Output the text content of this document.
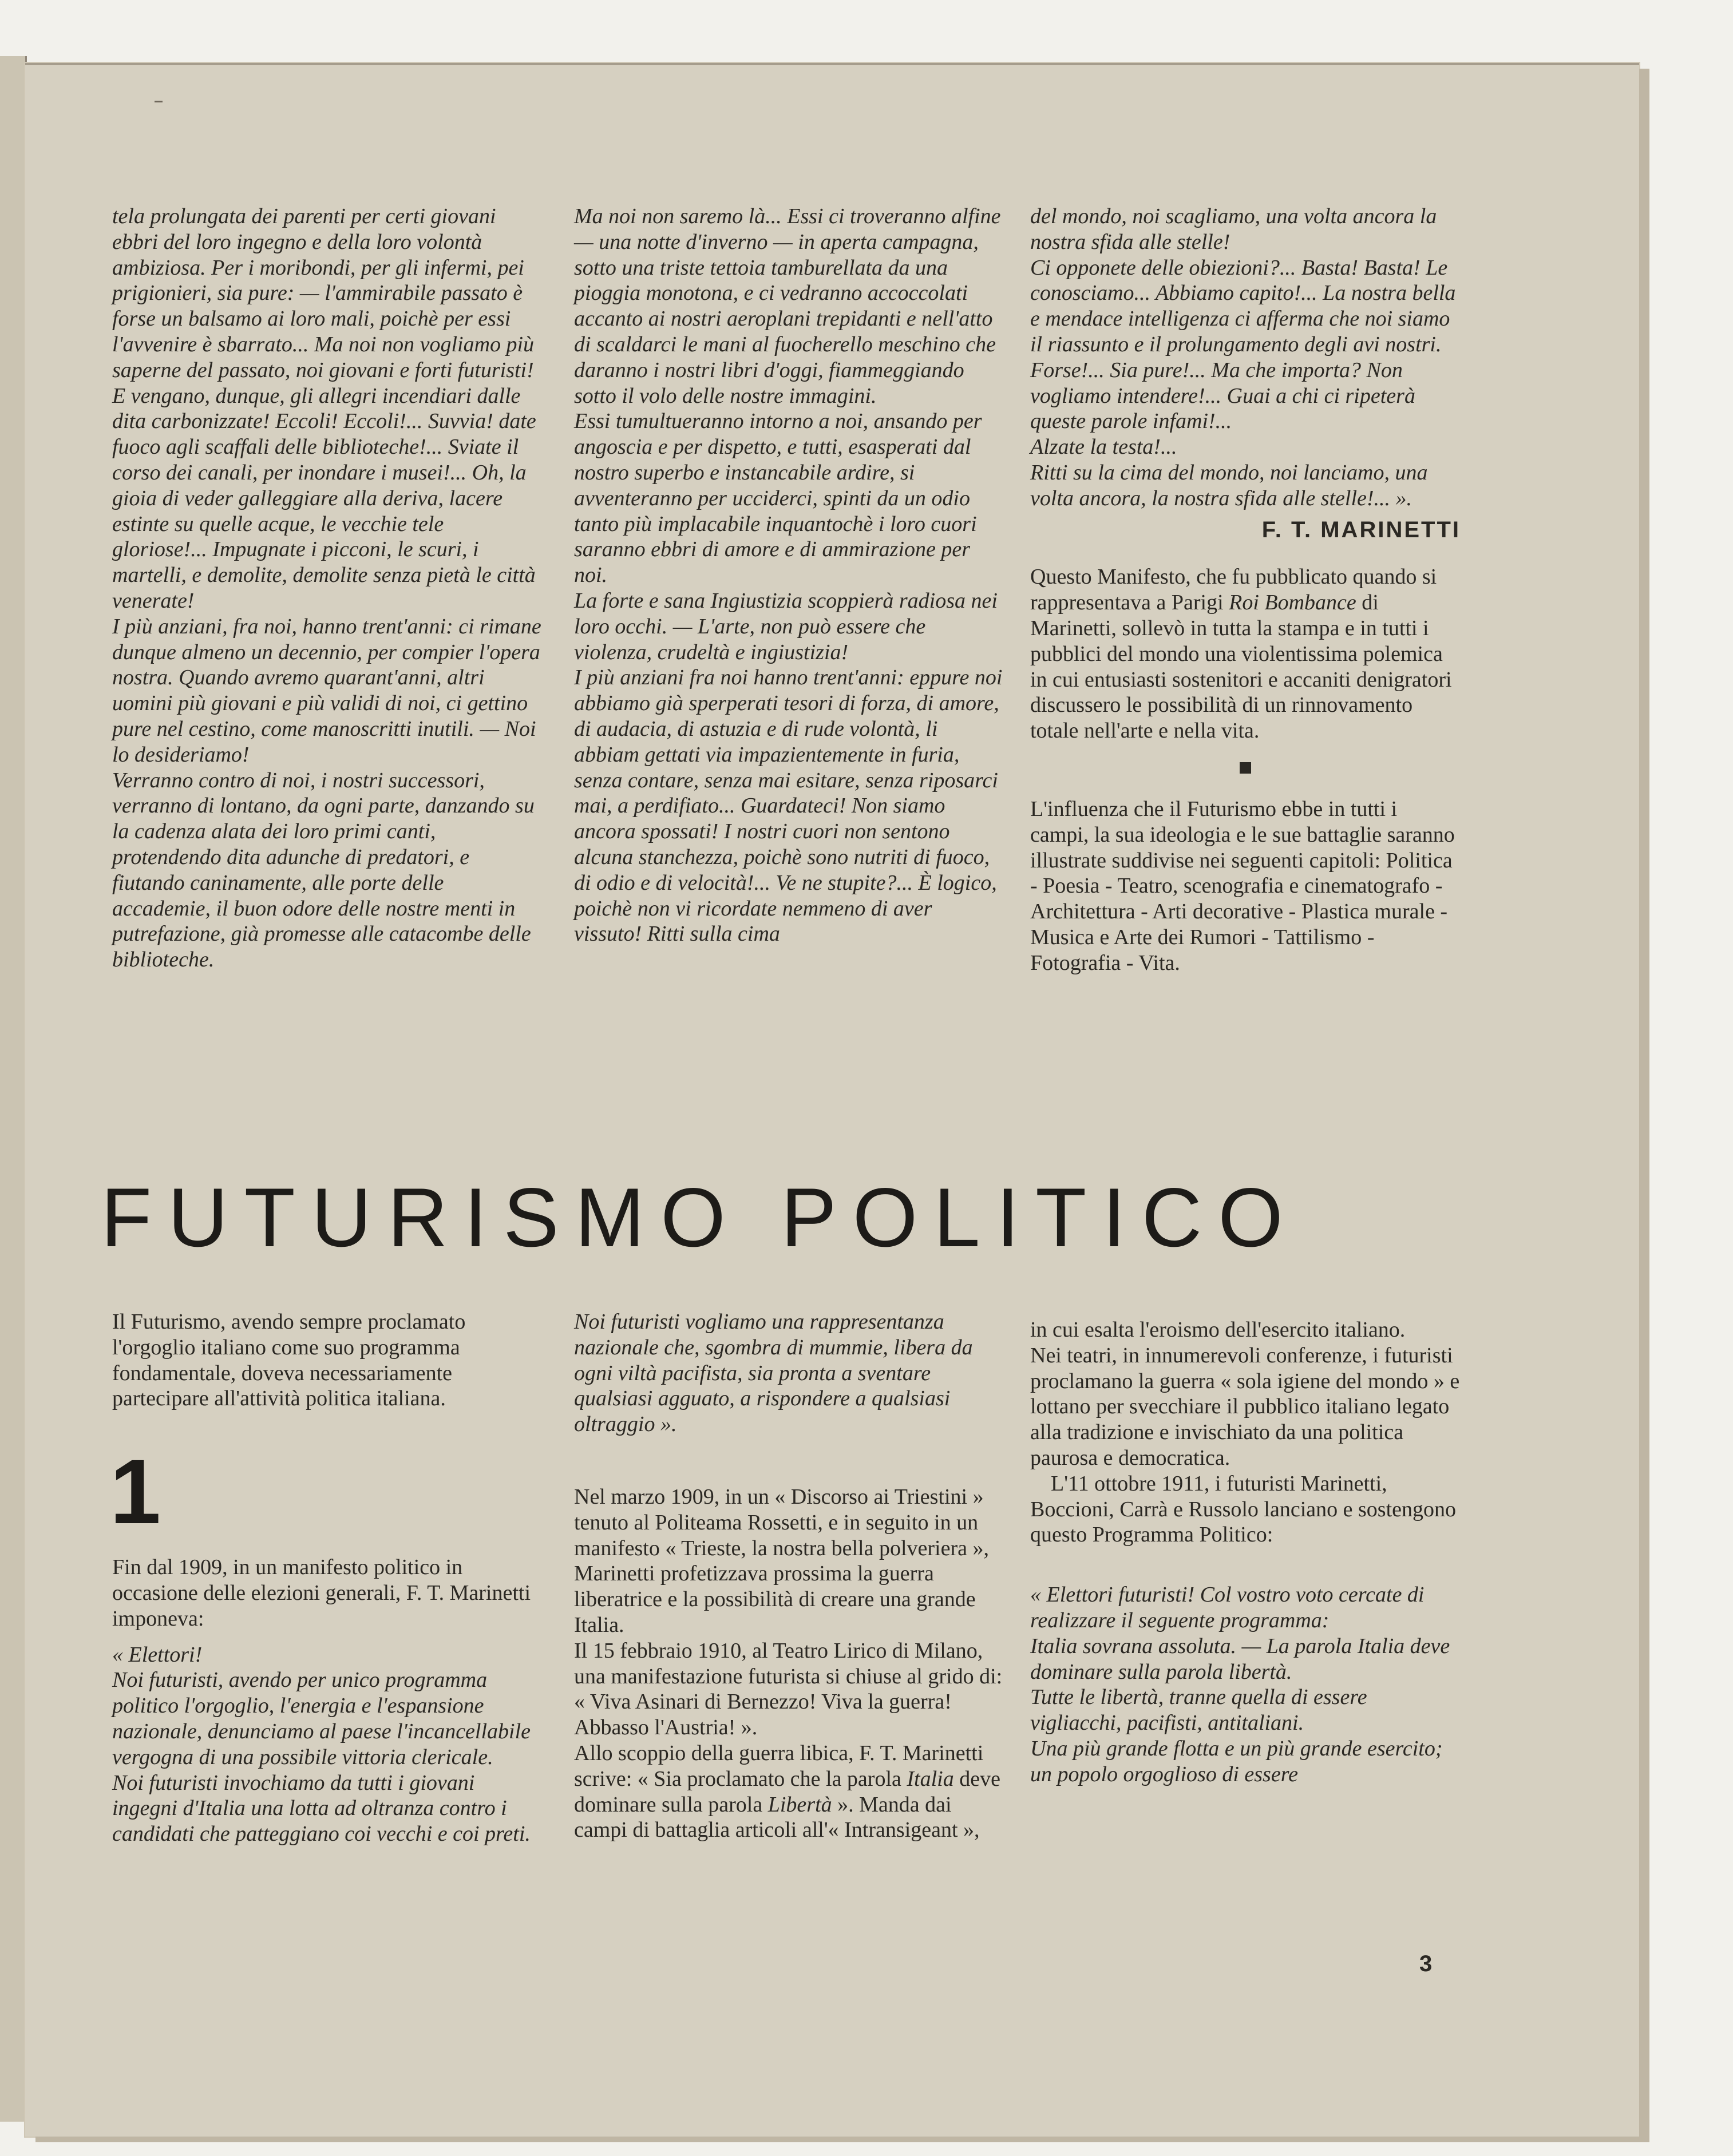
tela prolungata dei parenti per certi giovani ebbri del loro ingegno e della loro volontà ambiziosa. Per i moribondi, per gli infermi, pei prigionieri, sia pure: — l'ammirabile passato è forse un balsamo ai loro mali, poichè per essi l'avvenire è sbarrato... Ma noi non vogliamo più saperne del passato, noi giovani e forti futuristi!

E vengano, dunque, gli allegri incendiari dalle dita carbonizzate! Eccoli! Eccoli!... Suvvia! date fuoco agli scaffali delle biblioteche!... Sviate il corso dei canali, per inondare i musei!... Oh, la gioia di veder galleggiare alla deriva, lacere estinte su quelle acque, le vecchie tele gloriose!... Impugnate i picconi, le scuri, i martelli, e demolite, demolite senza pietà le città venerate!

I più anziani, fra noi, hanno trent'anni: ci rimane dunque almeno un decennio, per compier l'opera nostra. Quando avremo quarant'anni, altri uomini più giovani e più validi di noi, ci gettino pure nel cestino, come manoscritti inutili. — Noi lo desideriamo!

Verranno contro di noi, i nostri successori, verranno di lontano, da ogni parte, danzando su la cadenza alata dei loro primi canti, protendendo dita adunche di predatori, e fiutando caninamente, alle porte delle accademie, il buon odore delle nostre menti in putrefazione, già promesse alle catacombe delle biblioteche.

Ma noi non saremo là... Essi ci troveranno alfine — una notte d'inverno — in aperta campagna, sotto una triste tettoia tamburellata da una pioggia monotona, e ci vedranno accoccolati accanto ai nostri aeroplani trepidanti e nell'atto di scaldarci le mani al fuocherello meschino che daranno i nostri libri d'oggi, fiammeggiando sotto il volo delle nostre immagini.

Essi tumultueranno intorno a noi, ansando per angoscia e per dispetto, e tutti, esasperati dal nostro superbo e instancabile ardire, si avventeranno per ucciderci, spinti da un odio tanto più implacabile inquantochè i loro cuori saranno ebbri di amore e di ammirazione per noi.

La forte e sana Ingiustizia scoppierà radiosa nei loro occhi. — L'arte, non può essere che violenza, crudeltà e ingiustizia!

I più anziani fra noi hanno trent'anni: eppure noi abbiamo già sperperati tesori di forza, di amore, di audacia, di astuzia e di rude volontà, li abbiam gettati via impazientemente in furia, senza contare, senza mai esitare, senza riposarci mai, a perdifiato... Guardateci! Non siamo ancora spossati! I nostri cuori non sentono alcuna stanchezza, poichè sono nutriti di fuoco, di odio e di velocità!... Ve ne stupite?... È logico, poichè non vi ricordate nemmeno di aver vissuto! Ritti sulla cima

del mondo, noi scagliamo, una volta ancora la nostra sfida alle stelle!

Ci opponete delle obiezioni?... Basta! Basta! Le conosciamo... Abbiamo capito!... La nostra bella e mendace intelligenza ci afferma che noi siamo il riassunto e il prolungamento degli avi nostri. Forse!... Sia pure!... Ma che importa? Non vogliamo intendere!... Guai a chi ci ripeterà queste parole infami!...

Alzate la testa!...

Ritti su la cima del mondo, noi lanciamo, una volta ancora, la nostra sfida alle stelle!... ».

F. T. MARINETTI

Questo Manifesto, che fu pubblicato quando si rappresentava a Parigi Roi Bombance di Marinetti, sollevò in tutta la stampa e in tutti i pubblici del mondo una violentissima polemica in cui entusiasti sostenitori e accaniti denigratori discussero le possibilità di un rinnovamento totale nell'arte e nella vita.

L'influenza che il Futurismo ebbe in tutti i campi, la sua ideologia e le sue battaglie saranno illustrate suddivise nei seguenti capitoli: Politica - Poesia - Teatro, scenografia e cinematografo - Architettura - Arti decorative - Plastica murale - Musica e Arte dei Rumori - Tattilismo - Fotografia - Vita.

FUTURISMO POLITICO

Il Futurismo, avendo sempre proclamato l'orgoglio italiano come suo programma fondamentale, doveva necessariamente partecipare all'attività politica italiana.

1

Fin dal 1909, in un manifesto politico in occasione delle elezioni generali, F. T. Marinetti imponeva:

« Elettori!

Noi futuristi, avendo per unico programma politico l'orgoglio, l'energia e l'espansione nazionale, denunciamo al paese l'incancellabile vergogna di una possibile vittoria clericale.

Noi futuristi invochiamo da tutti i giovani ingegni d'Italia una lotta ad oltranza contro i candidati che patteggiano coi vecchi e coi preti.

Noi futuristi vogliamo una rappresentanza nazionale che, sgombra di mummie, libera da ogni viltà pacifista, sia pronta a sventare qualsiasi agguato, a rispondere a qualsiasi oltraggio ».

Nel marzo 1909, in un « Discorso ai Triestini » tenuto al Politeama Rossetti, e in seguito in un manifesto « Trieste, la nostra bella polveriera », Marinetti profetizzava prossima la guerra liberatrice e la possibilità di creare una grande Italia.

Il 15 febbraio 1910, al Teatro Lirico di Milano, una manifestazione futurista si chiuse al grido di: « Viva Asinari di Bernezzo! Viva la guerra! Abbasso l'Austria! ».

Allo scoppio della guerra libica, F. T. Marinetti scrive: « Sia proclamato che la parola Italia deve dominare sulla parola Libertà ». Manda dai campi di battaglia articoli all'« Intransigeant »,

in cui esalta l'eroismo dell'esercito italiano.

Nei teatri, in innumerevoli conferenze, i futuristi proclamano la guerra « sola igiene del mondo » e lottano per svecchiare il pubblico italiano legato alla tradizione e invischiato da una politica paurosa e democratica.

L'11 ottobre 1911, i futuristi Marinetti, Boccioni, Carrà e Russolo lanciano e sostengono questo Programma Politico:

« Elettori futuristi! Col vostro voto cercate di realizzare il seguente programma:

Italia sovrana assoluta. — La parola Italia deve dominare sulla parola libertà.

Tutte le libertà, tranne quella di essere vigliacchi, pacifisti, antitaliani.

Una più grande flotta e un più grande esercito; un popolo orgoglioso di essere

3
